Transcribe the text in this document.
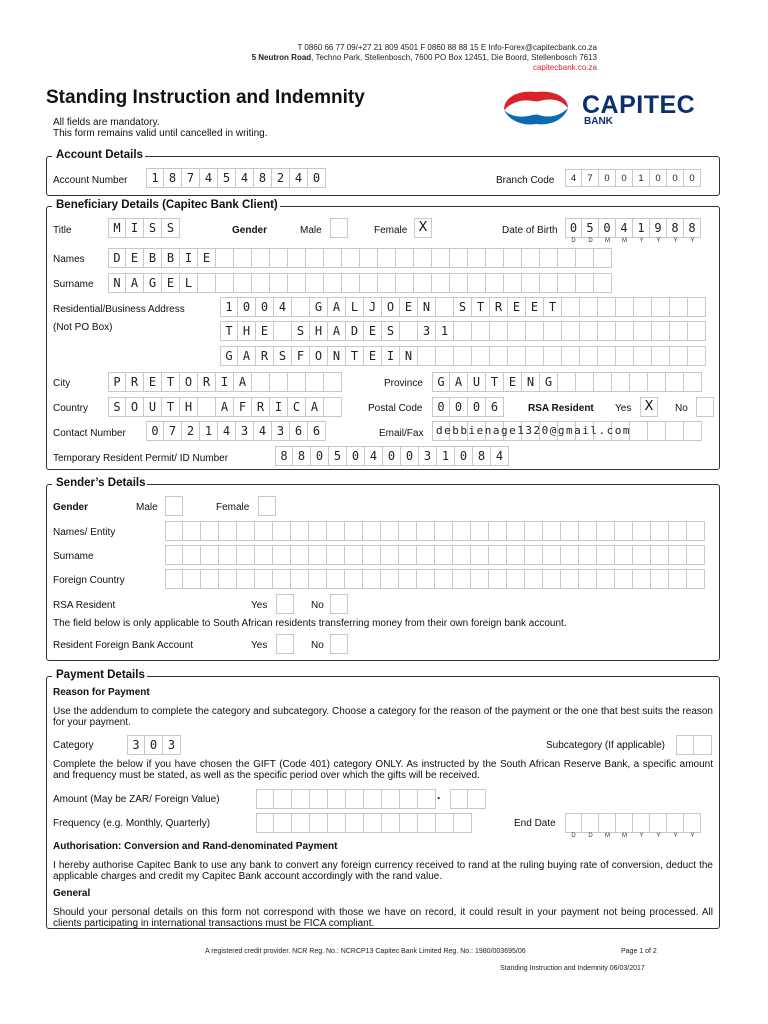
T 0860 66 77 09/+27 21 809 4501 F 0860 88 88 15 E Info-Forex@capitecbank.co.za
5 Neutron Road, Techno Park, Stellenbosch, 7600 PO Box 12451, Die Boord, Stellenbosch 7613
capitecbank.co.za
Standing Instruction and Indemnity
All fields are mandatory.
This form remains valid until cancelled in writing.
CAPITEC
BANK
Account Details
Account Number	1 8 7 4 5 4 8 2 4 0	Branch Code	4	7	0	0	1	0	0	0
Beneficiary Details (Capitec Bank Client)
Title	M I S S	Gender	Male	Female X	Date of Birth	0 5 0 4 1 9 8 8
D	D	M	M	Y	Y	Y	Y
Names	D E B B I E
Surname	N A G E L
Residential/Business Address
(Not PO Box)
1 0 0 4	G A L J O E N	S T R E E T
T H E	S H A D E S	3 1
G A R S F O N T E I N
City	P R E T O R I A	Province	G A U T E N G
Country	S O U T H	A F R I C A	Postal Code	0 0 0 6	RSA Resident Yes	X	No
Contact Number	0 7 2 1 4 3 4 3 6 6	Email/Fax debbienage1320@gmail.com
Temporary Resident Permit/ ID Number	8 8 0 5 0 4 0 0 3 1 0 8 4
Sender’s Details
Gender	Male	Female
Names/ Entity
Surname
Foreign Country
RSA Resident	Yes	No
The field below is only applicable to South African residents transferring money from their own foreign bank account.
Resident Foreign Bank Account	Yes	No
Payment Details
Reason for Payment
Use the addendum to complete the category and subcategory. Choose a category for the reason of the payment or the one that best suits the reason for your payment.
Category	3 0 3	Subcategory (If applicable)
Complete the below if you have chosen the GIFT (Code 401) category ONLY. As instructed by the South African Reserve Bank, a specific amount and frequency must be stated, as well as the specific period over which the gifts will be received.
Amount (May be ZAR/ Foreign Value)	.
Frequency (e.g. Monthly, Quarterly)	End Date
D	D	M	M	Y	Y	Y	Y
Authorisation: Conversion and Rand-denominated Payment
I hereby authorise Capitec Bank to use any bank to convert any foreign currency received to rand at the ruling buying rate of conversion, deduct the applicable charges and credit my Capitec Bank account accordingly with the rand value.
General
Should your personal details on this form not correspond with those we have on record, it could result in your payment not being processed. All clients participating in international transactions must be FICA compliant.
A registered credit provider. NCR Reg. No.: NCRCP13 Capitec Bank Limited Reg. No.: 1980/003695/06	Page 1 of 2
Standing Instruction and Indemnity 06/03/2017
